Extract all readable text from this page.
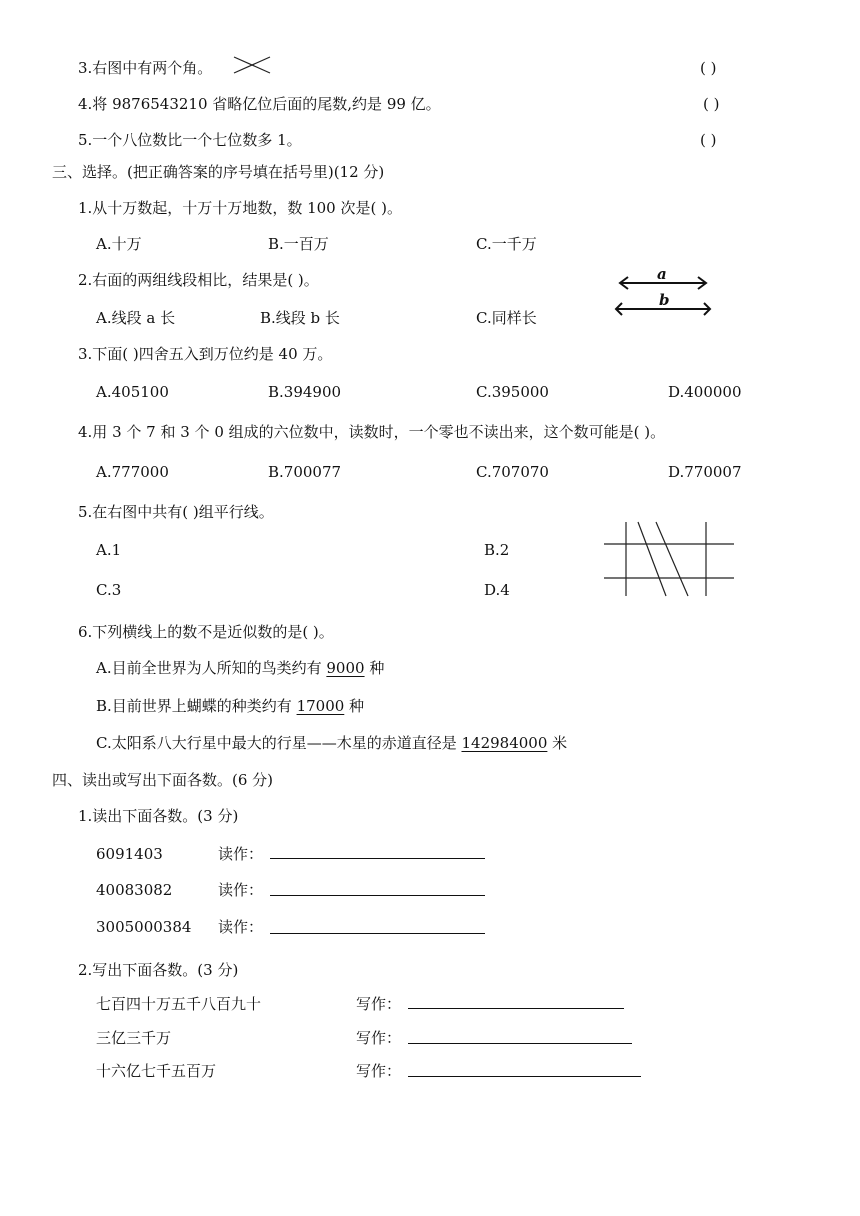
3.右图中有两个角。	( )
4.将 9876543210 省略亿位后面的尾数,约是 99 亿。	( )
5.一个八位数比一个七位数多 1。	( )
三、选择。(把正确答案的序号填在括号里)(12 分)
1.从十万数起，十万十万地数，数 100 次是( )。
A.十万	B.一百万	C.一千万
2.右面的两组线段相比，结果是( )。	a
b
A.线段 a 长	B.线段 b 长	C.同样长
3.下面( )四舍五入到万位约是 40 万。
A.405100	B.394900	C.395000	D.400000
4.用 3 个 7 和 3 个 0 组成的六位数中，读数时，一个零也不读出来，这个数可能是( )。
A.777000	B.700077	C.707070	D.770007
5.在右图中共有( )组平行线。
A.1	B.2
C.3	D.4
6.下列横线上的数不是近似数的是( )。
A.目前全世界为人所知的鸟类约有 9000 种
B.目前世界上蝴蝶的种类约有 17000 种
C.太阳系八大行星中最大的行星——木星的赤道直径是 142984000 米
四、读出或写出下面各数。(6 分)
1.读出下面各数。(3 分)
6091403	读作：
40083082	读作：
3005000384 读作：
2.写出下面各数。(3 分)
七百四十万五千八百九十	写作：
三亿三千万	写作：
十六亿七千五百万	写作：
